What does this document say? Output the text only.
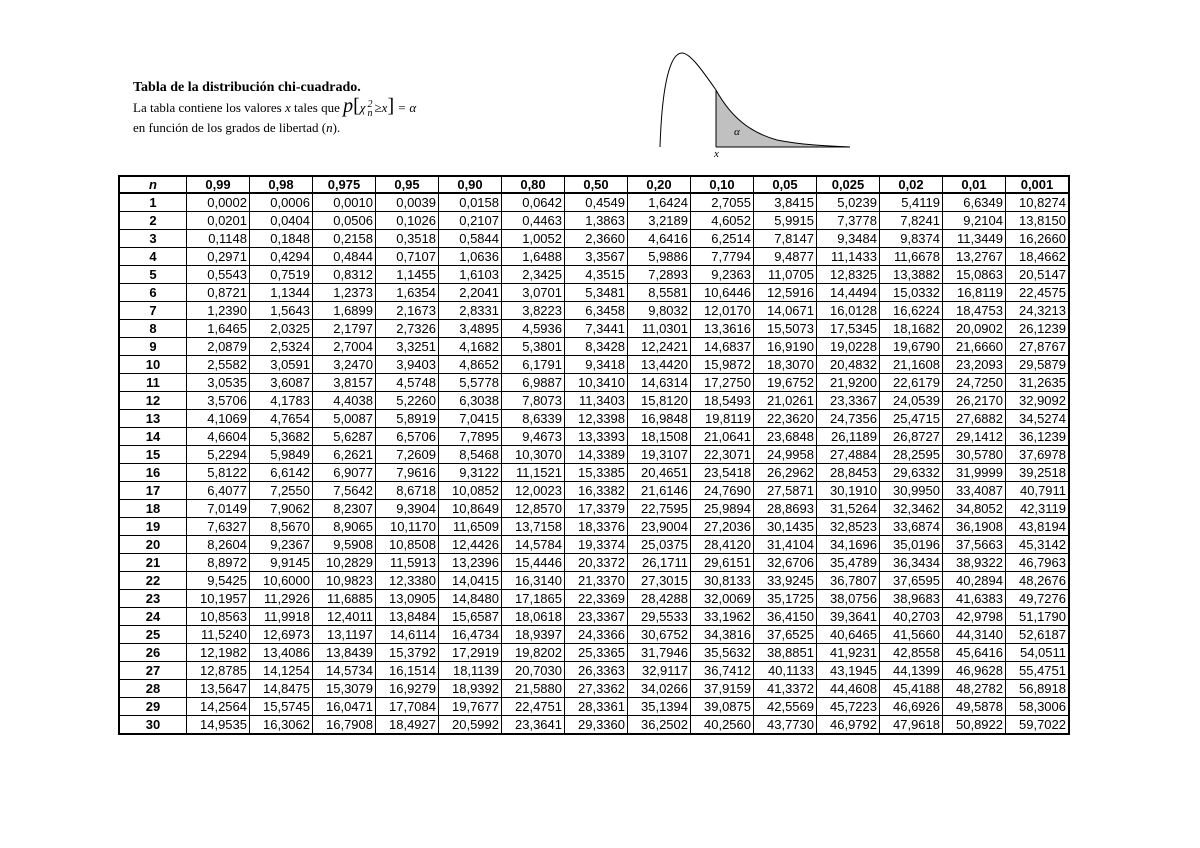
Tabla de la distribución chi-cuadrado.
La tabla contiene los valores x tales que p[χ 2
n ≥x] = α
en función de los grados de libertad (n).	α
x
n	0,99	0,98	0,975	0,95	0,90	0,80	0,50	0,20	0,10	0,05	0,025	0,02	0,01	0,001
1	0,0002	0,0006	0,0010	0,0039	0,0158	0,0642	0,4549	1,6424	2,7055	3,8415	5,0239	5,4119	6,6349	10,8274
2	0,0201	0,0404	0,0506	0,1026	0,2107	0,4463	1,3863	3,2189	4,6052	5,9915	7,3778	7,8241	9,2104	13,8150
3	0,1148	0,1848	0,2158	0,3518	0,5844	1,0052	2,3660	4,6416	6,2514	7,8147	9,3484	9,8374	11,3449	16,2660
4	0,2971	0,4294	0,4844	0,7107	1,0636	1,6488	3,3567	5,9886	7,7794	9,4877	11,1433	11,6678	13,2767	18,4662
5	0,5543	0,7519	0,8312	1,1455	1,6103	2,3425	4,3515	7,2893	9,2363	11,0705	12,8325	13,3882	15,0863	20,5147
6	0,8721	1,1344	1,2373	1,6354	2,2041	3,0701	5,3481	8,5581	10,6446	12,5916	14,4494	15,0332	16,8119	22,4575
7	1,2390	1,5643	1,6899	2,1673	2,8331	3,8223	6,3458	9,8032	12,0170	14,0671	16,0128	16,6224	18,4753	24,3213
8	1,6465	2,0325	2,1797	2,7326	3,4895	4,5936	7,3441	11,0301	13,3616	15,5073	17,5345	18,1682	20,0902	26,1239
9	2,0879	2,5324	2,7004	3,3251	4,1682	5,3801	8,3428	12,2421	14,6837	16,9190	19,0228	19,6790	21,6660	27,8767
10	2,5582	3,0591	3,2470	3,9403	4,8652	6,1791	9,3418	13,4420	15,9872	18,3070	20,4832	21,1608	23,2093	29,5879
11	3,0535	3,6087	3,8157	4,5748	5,5778	6,9887	10,3410	14,6314	17,2750	19,6752	21,9200	22,6179	24,7250	31,2635
12	3,5706	4,1783	4,4038	5,2260	6,3038	7,8073	11,3403	15,8120	18,5493	21,0261	23,3367	24,0539	26,2170	32,9092
13	4,1069	4,7654	5,0087	5,8919	7,0415	8,6339	12,3398	16,9848	19,8119	22,3620	24,7356	25,4715	27,6882	34,5274
14	4,6604	5,3682	5,6287	6,5706	7,7895	9,4673	13,3393	18,1508	21,0641	23,6848	26,1189	26,8727	29,1412	36,1239
15	5,2294	5,9849	6,2621	7,2609	8,5468	10,3070	14,3389	19,3107	22,3071	24,9958	27,4884	28,2595	30,5780	37,6978
16	5,8122	6,6142	6,9077	7,9616	9,3122	11,1521	15,3385	20,4651	23,5418	26,2962	28,8453	29,6332	31,9999	39,2518
17	6,4077	7,2550	7,5642	8,6718	10,0852	12,0023	16,3382	21,6146	24,7690	27,5871	30,1910	30,9950	33,4087	40,7911
18	7,0149	7,9062	8,2307	9,3904	10,8649	12,8570	17,3379	22,7595	25,9894	28,8693	31,5264	32,3462	34,8052	42,3119
19	7,6327	8,5670	8,9065	10,1170	11,6509	13,7158	18,3376	23,9004	27,2036	30,1435	32,8523	33,6874	36,1908	43,8194
20	8,2604	9,2367	9,5908	10,8508	12,4426	14,5784	19,3374	25,0375	28,4120	31,4104	34,1696	35,0196	37,5663	45,3142
21	8,8972	9,9145	10,2829	11,5913	13,2396	15,4446	20,3372	26,1711	29,6151	32,6706	35,4789	36,3434	38,9322	46,7963
22	9,5425	10,6000	10,9823	12,3380	14,0415	16,3140	21,3370	27,3015	30,8133	33,9245	36,7807	37,6595	40,2894	48,2676
23	10,1957	11,2926	11,6885	13,0905	14,8480	17,1865	22,3369	28,4288	32,0069	35,1725	38,0756	38,9683	41,6383	49,7276
24	10,8563	11,9918	12,4011	13,8484	15,6587	18,0618	23,3367	29,5533	33,1962	36,4150	39,3641	40,2703	42,9798	51,1790
25	11,5240	12,6973	13,1197	14,6114	16,4734	18,9397	24,3366	30,6752	34,3816	37,6525	40,6465	41,5660	44,3140	52,6187
26	12,1982	13,4086	13,8439	15,3792	17,2919	19,8202	25,3365	31,7946	35,5632	38,8851	41,9231	42,8558	45,6416	54,0511
27	12,8785	14,1254	14,5734	16,1514	18,1139	20,7030	26,3363	32,9117	36,7412	40,1133	43,1945	44,1399	46,9628	55,4751
28	13,5647	14,8475	15,3079	16,9279	18,9392	21,5880	27,3362	34,0266	37,9159	41,3372	44,4608	45,4188	48,2782	56,8918
29	14,2564	15,5745	16,0471	17,7084	19,7677	22,4751	28,3361	35,1394	39,0875	42,5569	45,7223	46,6926	49,5878	58,3006
30	14,9535	16,3062	16,7908	18,4927	20,5992	23,3641	29,3360	36,2502	40,2560	43,7730	46,9792	47,9618	50,8922	59,7022
